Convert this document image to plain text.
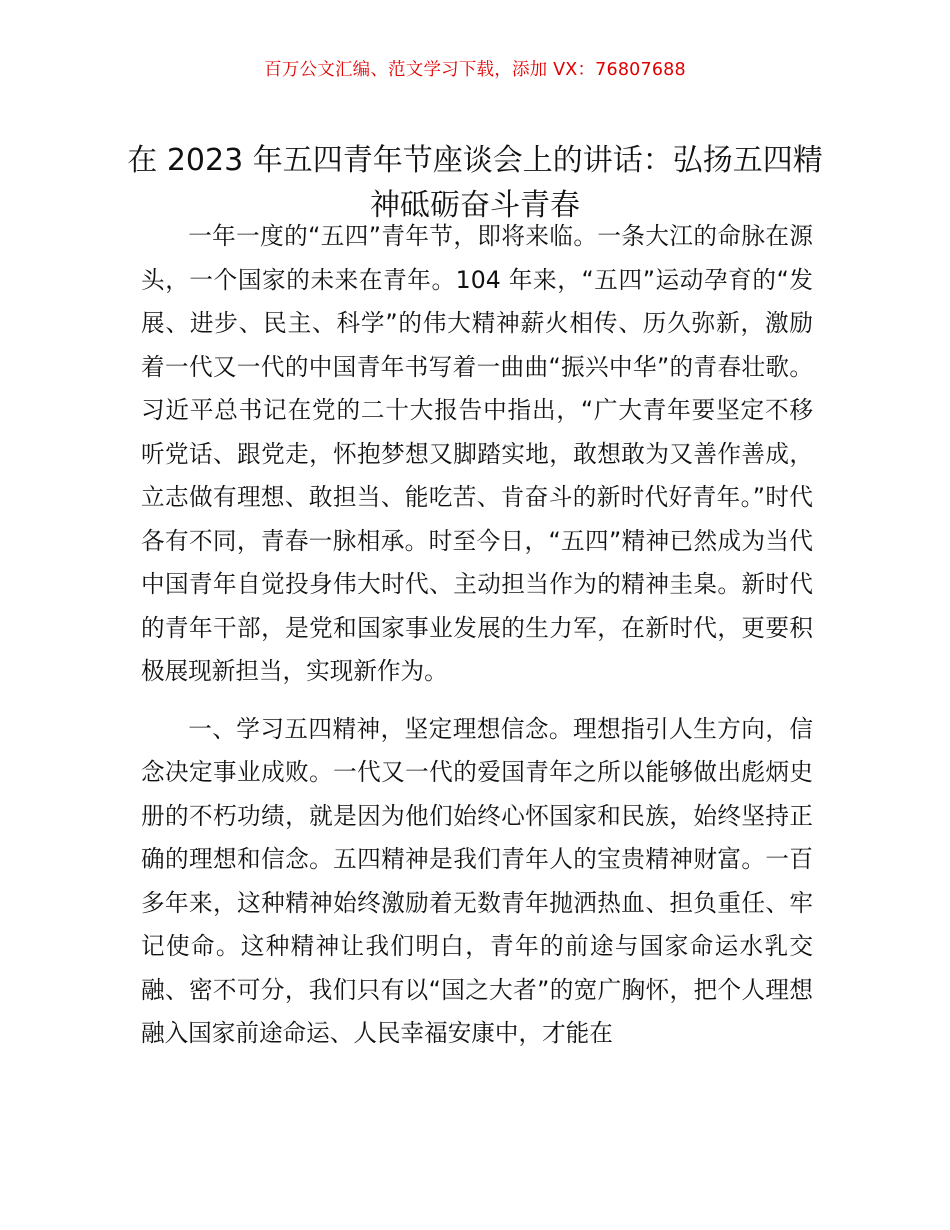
百万公文汇编、范文学习下载，添加 VX：76807688
在 2023 年五四青年节座谈会上的讲话：弘扬五四精神砥砺奋斗青春

一年一度的“五四”青年节，即将来临。一条大江的命脉在源头，一个国家的未来在青年。104 年来，“五四”运动孕育的“发展、进步、民主、科学”的伟大精神薪火相传、历久弥新，激励着一代又一代的中国青年书写着一曲曲“振兴中华”的青春壮歌。习近平总书记在党的二十大报告中指出，“广大青年要坚定不移听党话、跟党走，怀抱梦想又脚踏实地，敢想敢为又善作善成，立志做有理想、敢担当、能吃苦、肯奋斗的新时代好青年。”时代各有不同，青春一脉相承。时至今日，“五四”精神已然成为当代中国青年自觉投身伟大时代、主动担当作为的精神圭臬。新时代的青年干部，是党和国家事业发展的生力军，在新时代，更要积极展现新担当，实现新作为。

一、学习五四精神，坚定理想信念。理想指引人生方向，信念决定事业成败。一代又一代的爱国青年之所以能够做出彪炳史册的不朽功绩，就是因为他们始终心怀国家和民族，始终坚持正确的理想和信念。五四精神是我们青年人的宝贵精神财富。一百多年来，这种精神始终激励着无数青年抛洒热血、担负重任、牢记使命。这种精神让我们明白，青年的前途与国家命运水乳交融、密不可分，我们只有以“国之大者”的宽广胸怀，把个人理想融入国家前途命运、人民幸福安康中，才能在
